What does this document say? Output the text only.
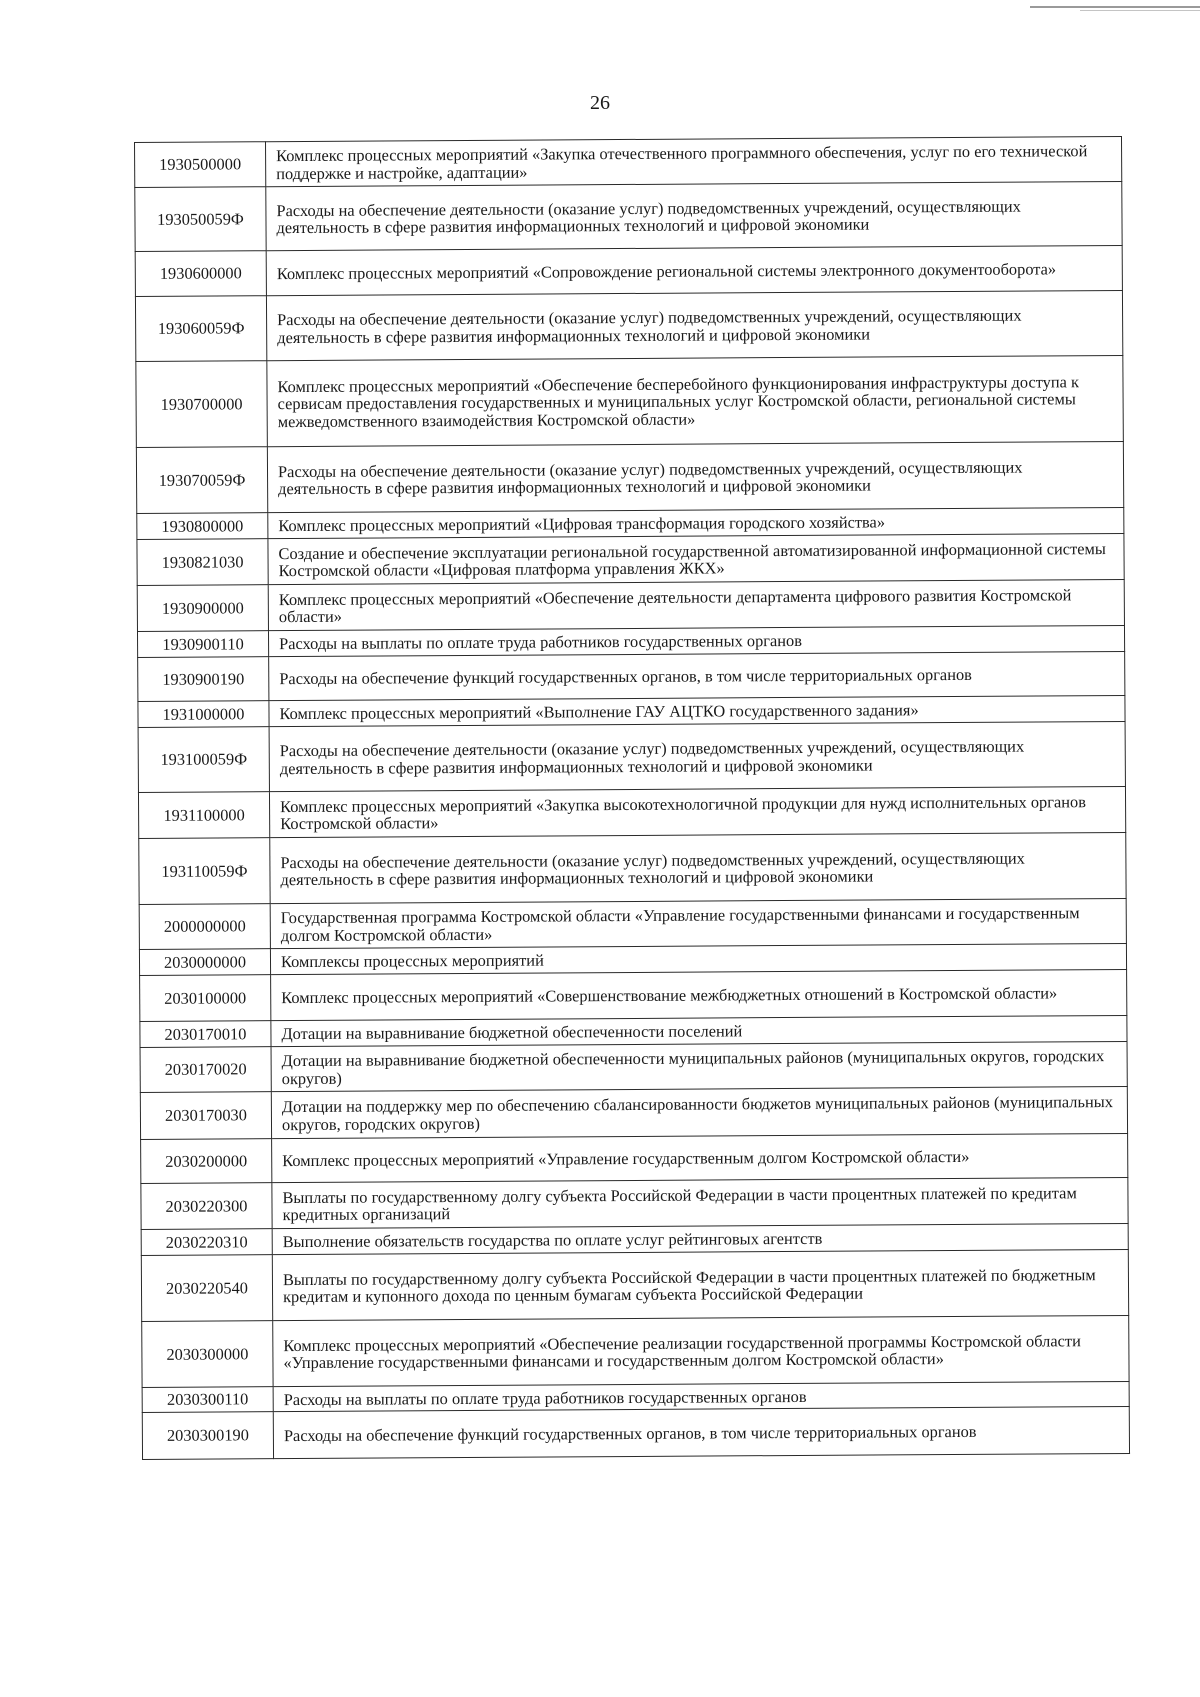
26
1930500000	Комплекс процессных мероприятий «Закупка отечественного программного обеспечения, услуг по его технической поддержке и настройке, адаптации»
193050059Ф	Расходы на обеспечение деятельности (оказание услуг) подведомственных учреждений, осуществляющих деятельность в сфере развития информационных технологий и цифровой экономики
1930600000	Комплекс процессных мероприятий «Сопровождение региональной системы электронного документооборота»
193060059Ф	Расходы на обеспечение деятельности (оказание услуг) подведомственных учреждений, осуществляющих деятельность в сфере развития информационных технологий и цифровой экономики
1930700000	Комплекс процессных мероприятий «Обеспечение бесперебойного функционирования инфраструктуры доступа к сервисам предоставления государственных и муниципальных услуг Костромской области, региональной системы межведомственного взаимодействия Костромской области»
193070059Ф	Расходы на обеспечение деятельности (оказание услуг) подведомственных учреждений, осуществляющих деятельность в сфере развития информационных технологий и цифровой экономики
1930800000	Комплекс процессных мероприятий «Цифровая трансформация городского хозяйства»
1930821030	Создание и обеспечение эксплуатации региональной государственной автоматизированной информационной системы Костромской области «Цифровая платформа управления ЖКХ»
1930900000	Комплекс процессных мероприятий «Обеспечение деятельности департамента цифрового развития Костромской области»
1930900110	Расходы на выплаты по оплате труда работников государственных органов
1930900190	Расходы на обеспечение функций государственных органов, в том числе территориальных органов
1931000000	Комплекс процессных мероприятий «Выполнение ГАУ АЦТКО государственного задания»
193100059Ф	Расходы на обеспечение деятельности (оказание услуг) подведомственных учреждений, осуществляющих деятельность в сфере развития информационных технологий и цифровой экономики
1931100000	Комплекс процессных мероприятий «Закупка высокотехнологичной продукции для нужд исполнительных органов Костромской области»
193110059Ф	Расходы на обеспечение деятельности (оказание услуг) подведомственных учреждений, осуществляющих деятельность в сфере развития информационных технологий и цифровой экономики
2000000000	Государственная программа Костромской области «Управление государственными финансами и государственным долгом Костромской области»
2030000000	Комплексы процессных мероприятий
2030100000	Комплекс процессных мероприятий «Совершенствование межбюджетных отношений в Костромской области»
2030170010	Дотации на выравнивание бюджетной обеспеченности поселений
2030170020	Дотации на выравнивание бюджетной обеспеченности муниципальных районов (муниципальных округов, городских округов)
2030170030	Дотации на поддержку мер по обеспечению сбалансированности бюджетов муниципальных районов (муниципальных округов, городских округов)
2030200000	Комплекс процессных мероприятий «Управление государственным долгом Костромской области»
2030220300	Выплаты по государственному долгу субъекта Российской Федерации в части процентных платежей по кредитам кредитных организаций
2030220310	Выполнение обязательств государства по оплате услуг рейтинговых агентств
2030220540	Выплаты по государственному долгу субъекта Российской Федерации в части процентных платежей по бюджетным кредитам и купонного дохода по ценным бумагам субъекта Российской Федерации
2030300000	Комплекс процессных мероприятий «Обеспечение реализации государственной программы Костромской области «Управление государственными финансами и государственным долгом Костромской области»
2030300110	Расходы на выплаты по оплате труда работников государственных органов
2030300190	Расходы на обеспечение функций государственных органов, в том числе территориальных органов
